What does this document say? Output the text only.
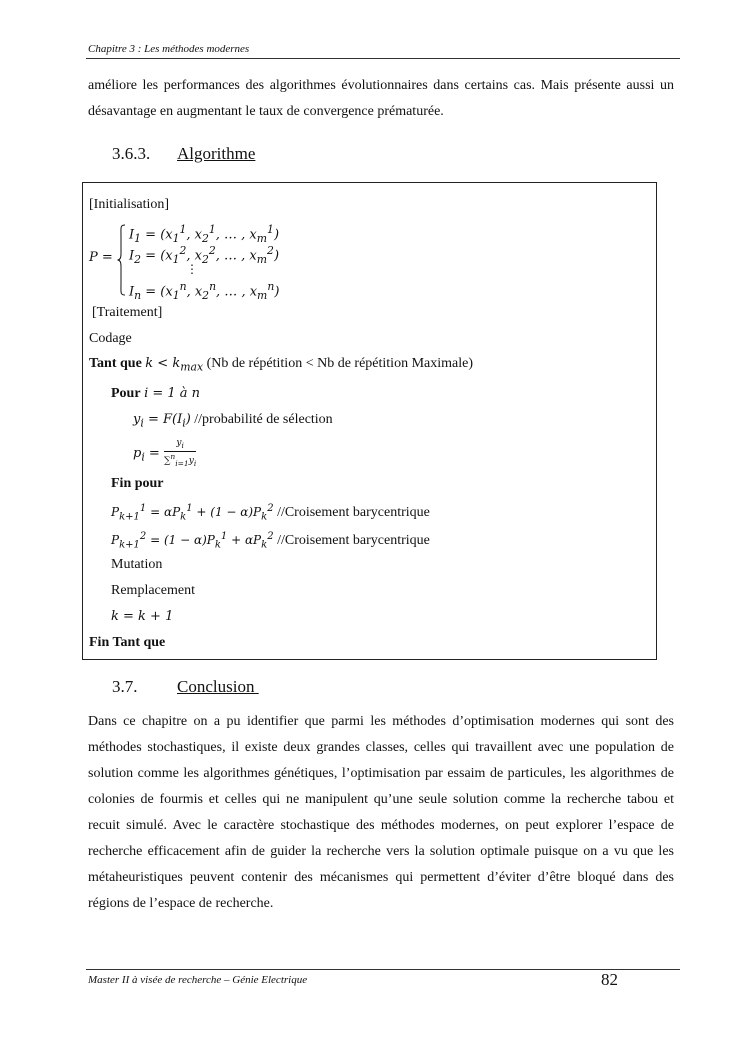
Chapitre 3 : Les méthodes modernes
améliore les performances des algorithmes évolutionnaires dans certains cas. Mais présente aussi un désavantage en augmentant le taux de convergence prématurée.
3.6.3. Algorithme
[Initialisation]
P =
$I_1 = (x_1^1$, $x_2^1$, … , $x_m^1$)
$I_2 = (x_1^2$, $x_2^2$, … , $x_m^2$)
⋮
$I_n = (x_1^n$, $x_2^n$, … , $x_m^n$)
[Traitement]
Codage
Tant que $k < k_{max}$ (Nb de répétition < Nb de répétition Maximale)
Pour i = 1 à n
$y_i = F(I_i)$ //probabilité de sélection
$p_i = \frac{y_i}{\sum^n_{i=1}y_i}$
Fin pour
$P_{k+1}^1 = \alpha P_k^1 + (1 - \alpha)P_k^2$ //Croisement barycentrique
$P_{k+1}^2 = (1 - \alpha)P_k^1 + \alpha P_k^2$ //Croisement barycentrique
Mutation
Remplacement
k = k + 1
Fin Tant que
3.7. Conclusion
Dans ce chapitre on a pu identifier que parmi les méthodes d’optimisation modernes qui sont des méthodes stochastiques, il existe deux grandes classes, celles qui travaillent avec une population de solution comme les algorithmes génétiques, l’optimisation par essaim de particules, les algorithmes de colonies de fourmis et celles qui ne manipulent qu’une seule solution comme la recherche tabou et recuit simulé. Avec le caractère stochastique des méthodes modernes, on peut explorer l’espace de recherche efficacement afin de guider la recherche vers la solution optimale puisque on a vu que les métaheuristiques peuvent contenir des mécanismes qui permettent d’éviter d’être bloqué dans des régions de l’espace de recherche.
Master II à visée de recherche – Génie Electrique	82
